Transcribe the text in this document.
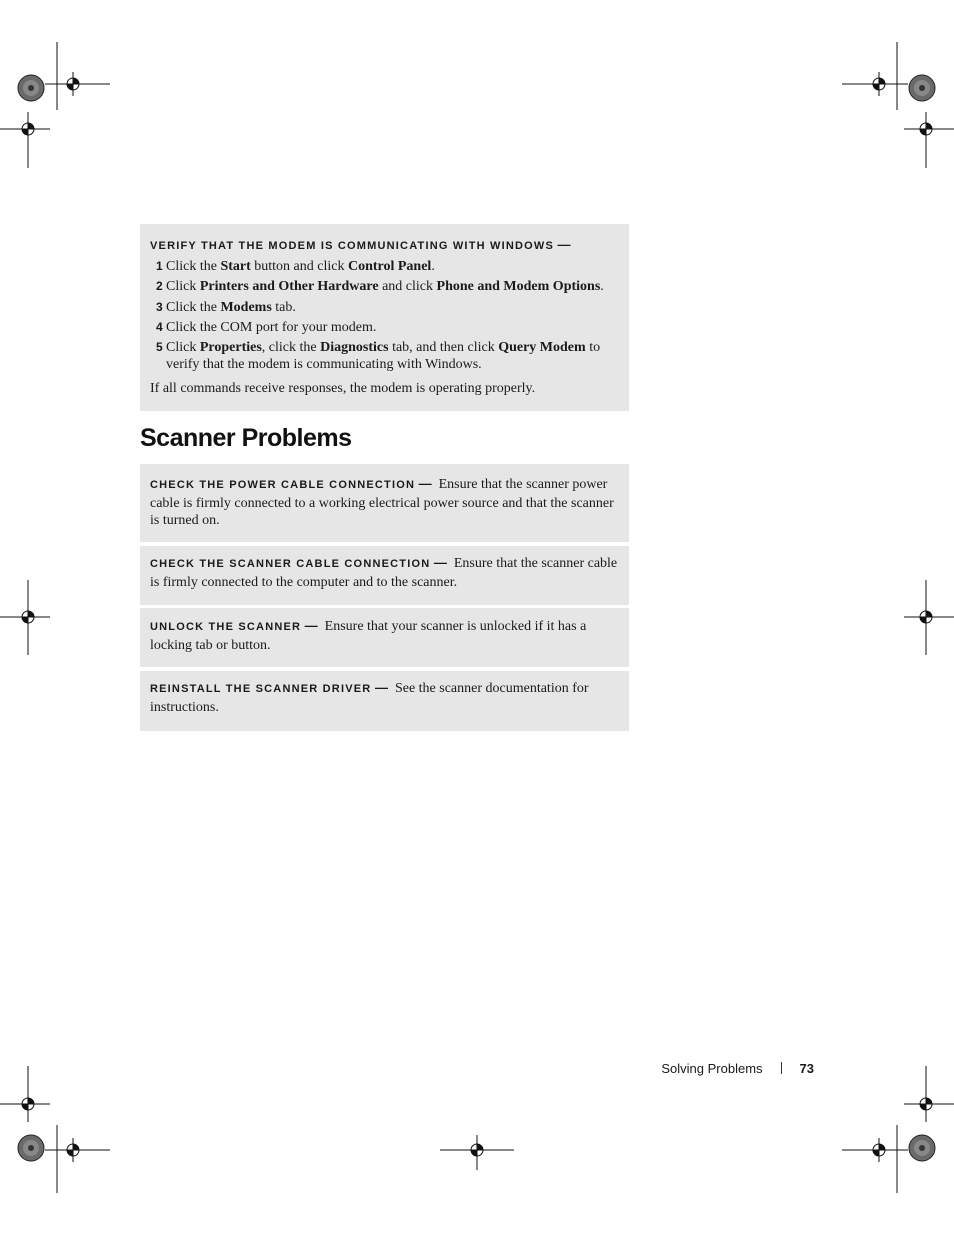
VERIFY THAT THE MODEM IS COMMUNICATING WITH WINDOWS —
1 Click the Start button and click Control Panel.
2 Click Printers and Other Hardware and click Phone and Modem Options.
3 Click the Modems tab.
4 Click the COM port for your modem.
5 Click Properties, click the Diagnostics tab, and then click Query Modem to verify that the modem is communicating with Windows.
If all commands receive responses, the modem is operating properly.
Scanner Problems
CHECK THE POWER CABLE CONNECTION — Ensure that the scanner power cable is firmly connected to a working electrical power source and that the scanner is turned on.
CHECK THE SCANNER CABLE CONNECTION — Ensure that the scanner cable is firmly connected to the computer and to the scanner.
UNLOCK THE SCANNER — Ensure that your scanner is unlocked if it has a locking tab or button.
REINSTALL THE SCANNER DRIVER — See the scanner documentation for instructions.
Solving Problems	73
